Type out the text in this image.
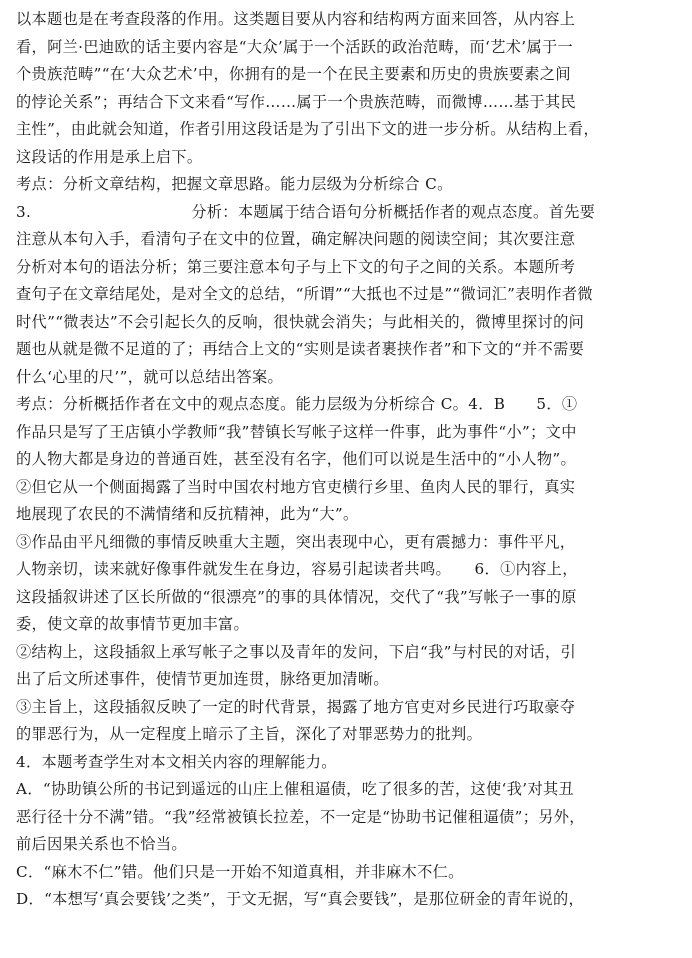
以本题也是在考查段落的作用。这类题目要从内容和结构两方面来回答，从内容上
看，阿兰·巴迪欧的话主要内容是“大众’属于一个活跃的政治范畴，而‘艺术’属于一
个贵族范畴”“在‘大众艺术’中，你拥有的是一个在民主要素和历史的贵族要素之间
的悖论关系”；再结合下文来看“写作……属于一个贵族范畴，而微博……基于其民
主性”，由此就会知道，作者引用这段话是为了引出下文的进一步分析。从结构上看，
这段话的作用是承上启下。
考点：分析文章结构，把握文章思路。能力层级为分析综合 C。
3.	分析：本题属于结合语句分析概括作者的观点态度。首先要
注意从本句入手，看清句子在文中的位置，确定解决问题的阅读空间；其次要注意
分析对本句的语法分析；第三要注意本句子与上下文的句子之间的关系。本题所考
查句子在文章结尾处，是对全文的总结，“所谓”“大抵也不过是”“微词汇”表明作者微
时代”“微表达”不会引起长久的反响，很快就会消失；与此相关的，微博里探讨的问
题也从就是微不足道的了；再结合上文的“实则是读者裹挟作者”和下文的“并不需要
什么‘心里的尺’”，就可以总结出答案。
考点：分析概括作者在文中的观点态度。能力层级为分析综合 C。4．B　　5．①
作品只是写了王店镇小学教师“我”替镇长写帐子这样一件事，此为事件“小”；文中
的人物大都是身边的普通百姓，甚至没有名字，他们可以说是生活中的“小人物”。
②但它从一个侧面揭露了当时中国农村地方官吏横行乡里、鱼肉人民的罪行，真实
地展现了农民的不满情绪和反抗精神，此为“大”。
③作品由平凡细微的事情反映重大主题，突出表现中心，更有震撼力：事件平凡，
人物亲切，读来就好像事件就发生在身边，容易引起读者共鸣。　　6．①内容上，
这段插叙讲述了区长所做的“很漂亮”的事的具体情况，交代了“我”写帐子一事的原
委，使文章的故事情节更加丰富。
②结构上，这段插叙上承写帐子之事以及青年的发问，下启“我”与村民的对话，引
出了后文所述事件，使情节更加连贯，脉络更加清晰。
③主旨上，这段插叙反映了一定的时代背景，揭露了地方官吏对乡民进行巧取豪夺
的罪恶行为，从一定程度上暗示了主旨，深化了对罪恶势力的批判。
4．本题考查学生对本文相关内容的理解能力。
A．“协助镇公所的书记到遥远的山庄上催租逼债，吃了很多的苦，这使‘我’对其丑
恶行径十分不满”错。“我”经常被镇长拉差，不一定是“协助书记催租逼债”；另外，
前后因果关系也不恰当。
C．“麻木不仁”错。他们只是一开始不知道真相，并非麻木不仁。
D．“本想写‘真会要钱’之类”，于文无据，写“真会要钱”，是那位研金的青年说的，
